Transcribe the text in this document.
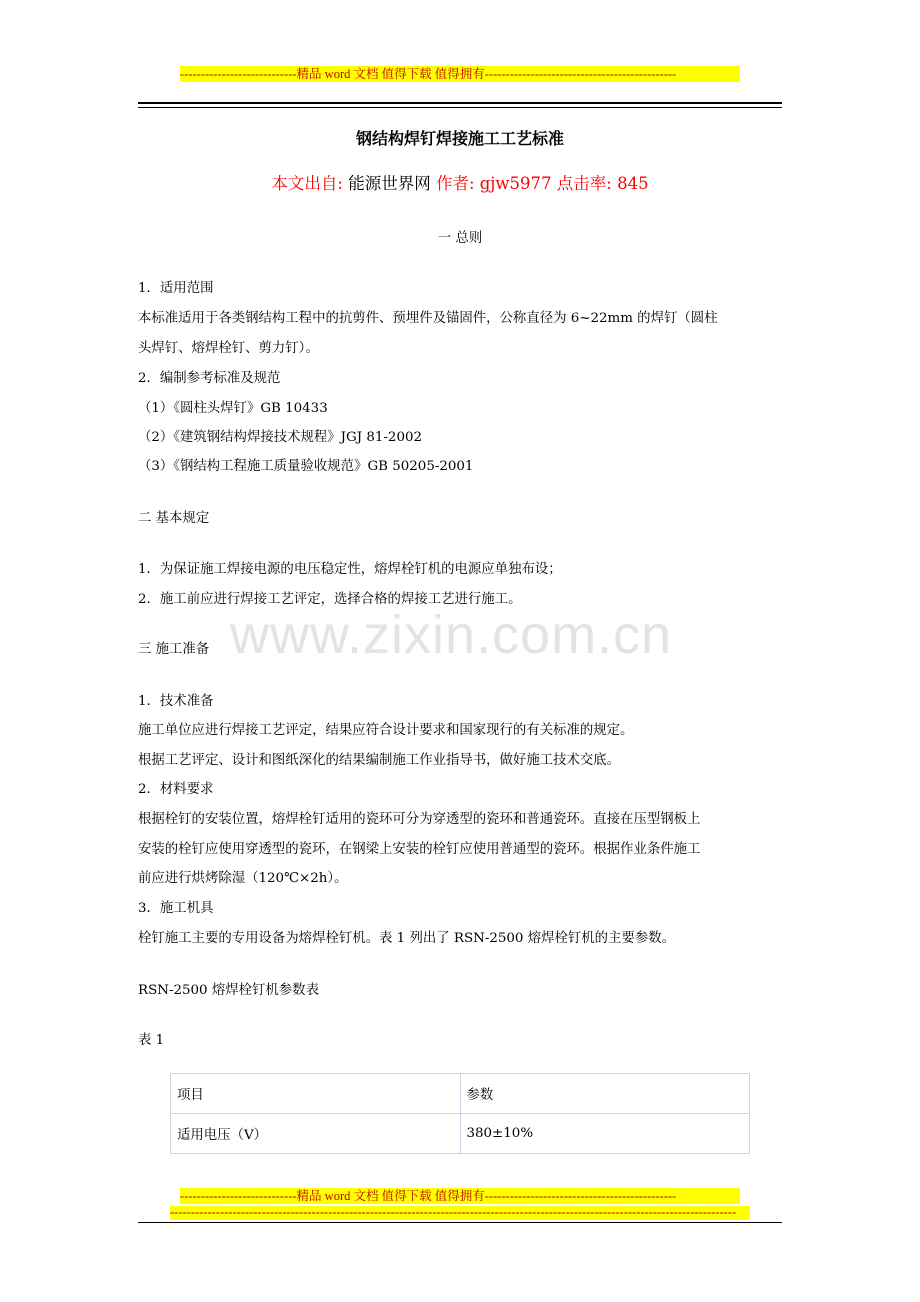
----------------------------精品 word 文档 值得下载 值得拥有----------------------------------------------
钢结构焊钉焊接施工工艺标准
本文出自: 能源世界网 作者: gjw5977 点击率: 845
一 总则
1．适用范围
本标准适用于各类钢结构工程中的抗剪件、预埋件及锚固件，公称直径为 6~22mm 的焊钉（圆柱
头焊钉、熔焊栓钉、剪力钉）。
2．编制参考标准及规范
（1）《圆柱头焊钉》GB 10433
（2）《建筑钢结构焊接技术规程》JGJ 81-2002
（3）《钢结构工程施工质量验收规范》GB 50205-2001
二 基本规定
1．为保证施工焊接电源的电压稳定性，熔焊栓钉机的电源应单独布设；
2．施工前应进行焊接工艺评定，选择合格的焊接工艺进行施工。
www.zixin.com.cn
三 施工准备
1．技术准备
施工单位应进行焊接工艺评定，结果应符合设计要求和国家现行的有关标准的规定。
根据工艺评定、设计和图纸深化的结果编制施工作业指导书，做好施工技术交底。
2．材料要求
根据栓钉的安装位置，熔焊栓钉适用的瓷环可分为穿透型的瓷环和普通瓷环。直接在压型钢板上
安装的栓钉应使用穿透型的瓷环，在钢梁上安装的栓钉应使用普通型的瓷环。根据作业条件施工
前应进行烘烤除湿（120℃×2h）。
3．施工机具
栓钉施工主要的专用设备为熔焊栓钉机。表 1 列出了 RSN-2500 熔焊栓钉机的主要参数。
RSN-2500 熔焊栓钉机参数表
表 1
项目	参数
适用电压（V）	380±10%
----------------------------精品 word 文档 值得下载 值得拥有----------------------------------------------
----------------------------------------------------------------------------------------------------------------------------------------
